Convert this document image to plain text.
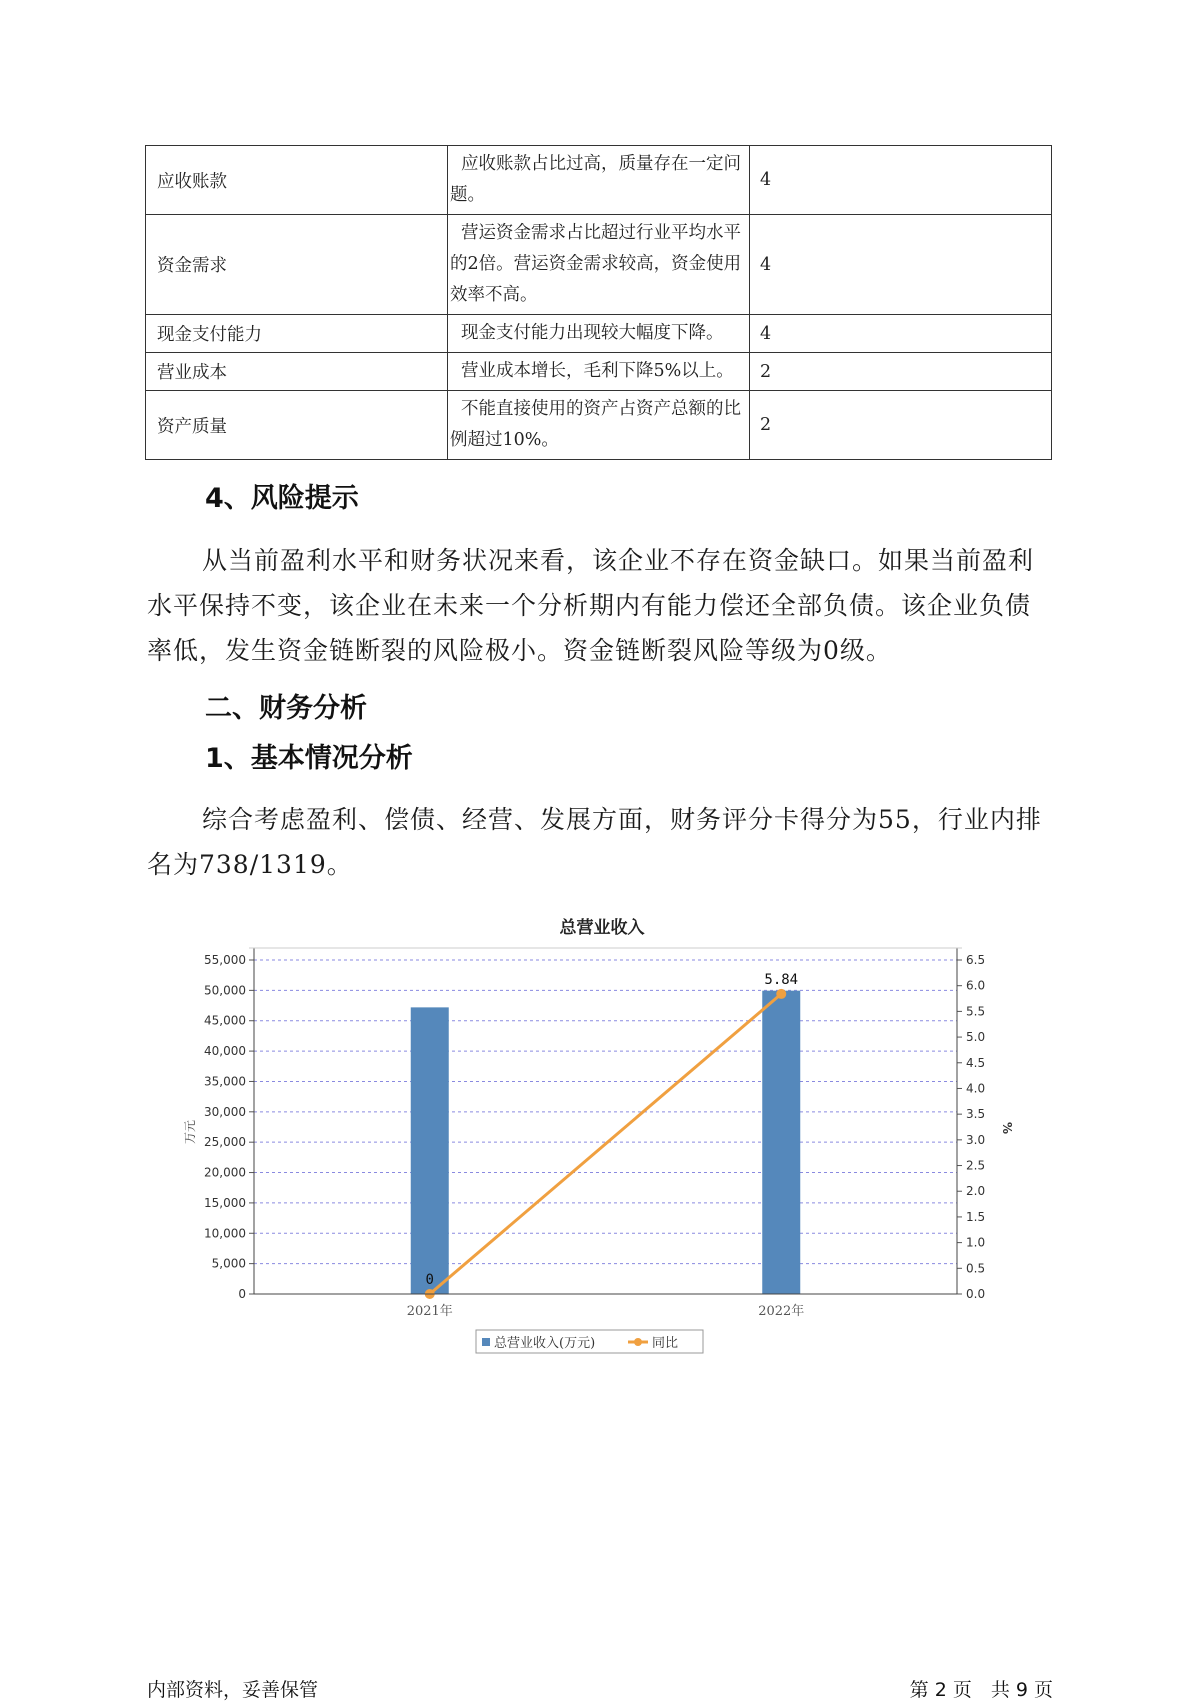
应收账款	应收账款占比过高，质量存在一定问题。	4
资金需求	营运资金需求占比超过行业平均水平的2倍。营运资金需求较高，资金使用效率不高。	4
现金支付能力	现金支付能力出现较大幅度下降。	4
营业成本	营业成本增长，毛利下降5%以上。	2
资产质量	不能直接使用的资产占资产总额的比例超过10%。	2
4、风险提示

从当前盈利水平和财务状况来看，该企业不存在资金缺口。如果当前盈利水平保持不变，该企业在未来一个分析期内有能力偿还全部负债。该企业负债率低，发生资金链断裂的风险极小。资金链断裂风险等级为0级。

二、财务分析
1、基本情况分析

综合考虑盈利、偿债、经营、发展方面，财务评分卡得分为55，行业内排名为738/1319。

总营业收入
0
5.84
0
5,000
10,000
15,000
20,000
25,000
30,000
35,000
40,000
45,000
50,000
55,000
0.0
0.5
1.0
1.5
2.0
2.5
3.0
3.5
4.0
4.5
5.0
5.5
6.0
6.5
2021年	2022年
万元	%
总营业收入(万元)	同比
内部资料，妥善保管	第 2 页　共 9 页
